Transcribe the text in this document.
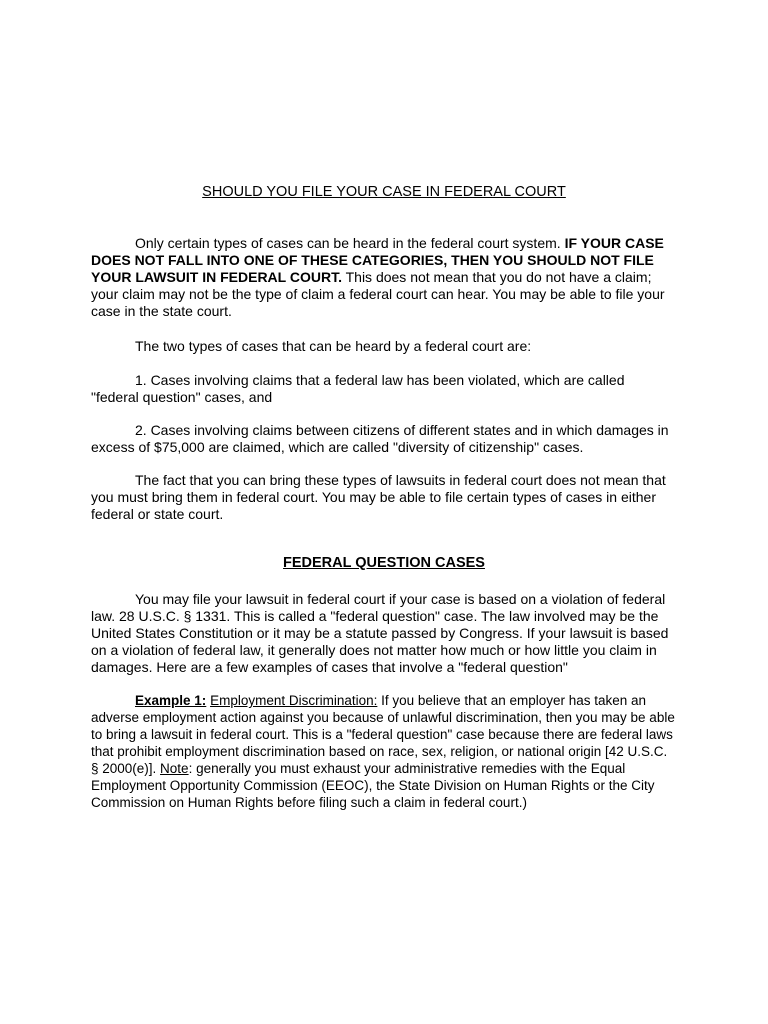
SHOULD YOU FILE YOUR CASE IN FEDERAL COURT

Only certain types of cases can be heard in the federal court system. IF YOUR CASE DOES NOT FALL INTO ONE OF THESE CATEGORIES, THEN YOU SHOULD NOT FILE YOUR LAWSUIT IN FEDERAL COURT. This does not mean that you do not have a claim; your claim may not be the type of claim a federal court can hear. You may be able to file your case in the state court.

The two types of cases that can be heard by a federal court are:

1. Cases involving claims that a federal law has been violated, which are called "federal question" cases, and

2. Cases involving claims between citizens of different states and in which damages in excess of $75,000 are claimed, which are called "diversity of citizenship" cases.

The fact that you can bring these types of lawsuits in federal court does not mean that you must bring them in federal court. You may be able to file certain types of cases in either federal or state court.

FEDERAL QUESTION CASES

You may file your lawsuit in federal court if your case is based on a violation of federal law. 28 U.S.C. § 1331. This is called a "federal question" case. The law involved may be the United States Constitution or it may be a statute passed by Congress. If your lawsuit is based on a violation of federal law, it generally does not matter how much or how little you claim in damages. Here are a few examples of cases that involve a "federal question"

Example 1: Employment Discrimination: If you believe that an employer has taken an adverse employment action against you because of unlawful discrimination, then you may be able to bring a lawsuit in federal court. This is a "federal question" case because there are federal laws that prohibit employment discrimination based on race, sex, religion, or national origin [42 U.S.C. § 2000(e)]. Note: generally you must exhaust your administrative remedies with the Equal Employment Opportunity Commission (EEOC), the State Division on Human Rights or the City Commission on Human Rights before filing such a claim in federal court.)
